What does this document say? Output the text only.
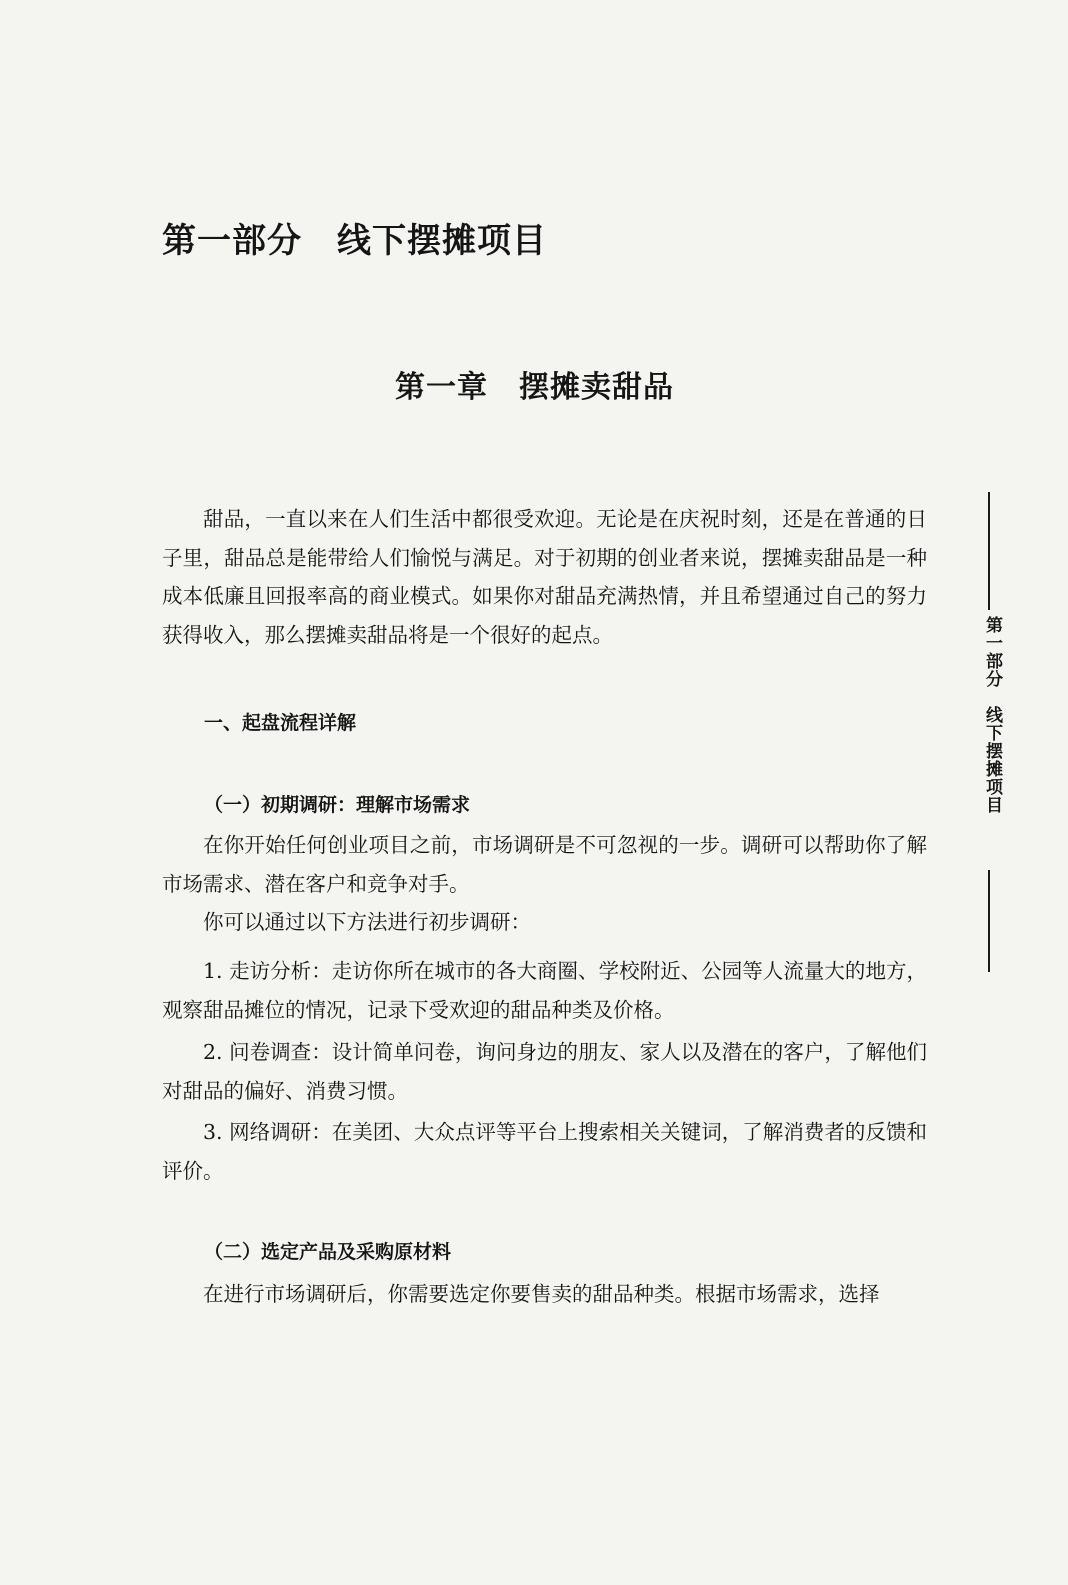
第一部分　线下摆摊项目
第一章　摆摊卖甜品

甜品，一直以来在人们生活中都很受欢迎。无论是在庆祝时刻，还是在普通的日子里，甜品总是能带给人们愉悦与满足。对于初期的创业者来说，摆摊卖甜品是一种成本低廉且回报率高的商业模式。如果你对甜品充满热情，并且希望通过自己的努力获得收入，那么摆摊卖甜品将是一个很好的起点。

一、起盘流程详解
（一）初期调研：理解市场需求

在你开始任何创业项目之前，市场调研是不可忽视的一步。调研可以帮助你了解市场需求、潜在客户和竞争对手。

你可以通过以下方法进行初步调研：

1. 走访分析：走访你所在城市的各大商圈、学校附近、公园等人流量大的地方，观察甜品摊位的情况，记录下受欢迎的甜品种类及价格。

2. 问卷调查：设计简单问卷，询问身边的朋友、家人以及潜在的客户，了解他们对甜品的偏好、消费习惯。

3. 网络调研：在美团、大众点评等平台上搜索相关关键词，了解消费者的反馈和评价。

（二）选定产品及采购原材料

在进行市场调研后，你需要选定你要售卖的甜品种类。根据市场需求，选择

第一部分　线下摆摊项目
